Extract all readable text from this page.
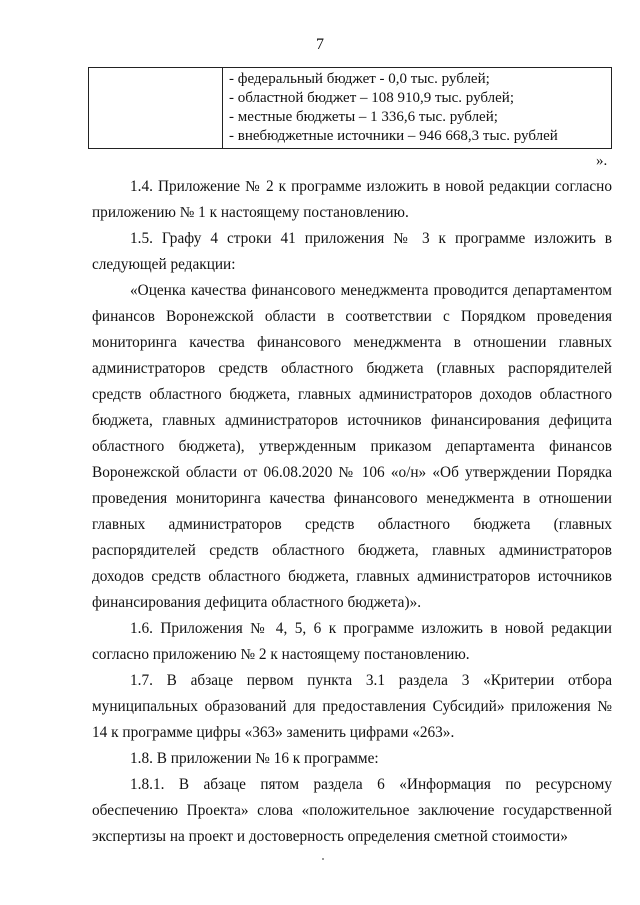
7

- федеральный бюджет - 0,0 тыс. рублей;
- областной бюджет – 108 910,9 тыс. рублей;
- местные бюджеты – 1 336,6 тыс. рублей;
- внебюджетные источники – 946 668,3 тыс. рублей
».

1.4. Приложение № 2 к программе изложить в новой редакции согласно приложению № 1 к настоящему постановлению.

1.5. Графу 4 строки 41 приложения № 3 к программе изложить в следующей редакции:

«Оценка качества финансового менеджмента проводится департаментом финансов Воронежской области в соответствии с Порядком проведения мониторинга качества финансового менеджмента в отношении главных администраторов средств областного бюджета (главных распорядителей средств областного бюджета, главных администраторов доходов областного бюджета, главных администраторов источников финансирования дефицита областного бюджета), утвержденным приказом департамента финансов Воронежской области от 06.08.2020 № 106 «о/н» «Об утверждении Порядка проведения мониторинга качества финансового менеджмента в отношении главных администраторов средств областного бюджета (главных распорядителей средств областного бюджета, главных администраторов доходов средств областного бюджета, главных администраторов источников финансирования дефицита областного бюджета)».

1.6. Приложения № 4, 5, 6 к программе изложить в новой редакции согласно приложению № 2 к настоящему постановлению.

1.7. В абзаце первом пункта 3.1 раздела 3 «Критерии отбора муниципальных образований для предоставления Субсидий» приложения № 14 к программе цифры «363» заменить цифрами «263».

1.8. В приложении № 16 к программе:

1.8.1. В абзаце пятом раздела 6 «Информация по ресурсному обеспечению Проекта» слова «положительное заключение государственной экспертизы на проект и достоверность определения сметной стоимости»
